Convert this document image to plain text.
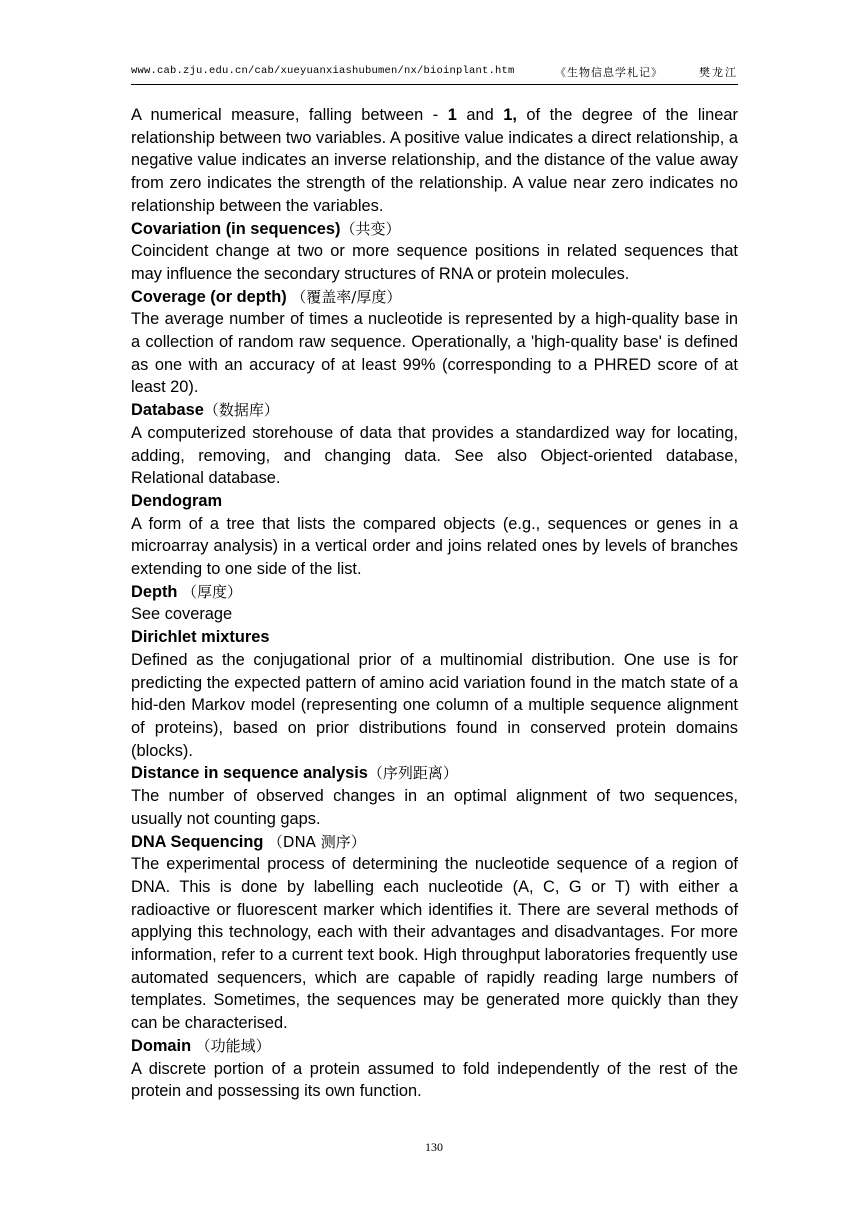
www.cab.zju.edu.cn/cab/xueyuanxiashubumen/nx/bioinplant.htm	《生物信息学札记》	樊龙江

A numerical measure, falling between - 1 and 1, of the degree of the linear relationship between two variables. A positive value indicates a direct relationship, a negative value indicates an inverse relationship, and the distance of the value away from zero indicates the strength of the relationship. A value near zero indicates no relationship between the variables.

Covariation (in sequences)（共变）

Coincident change at two or more sequence positions in related sequences that may influence the secondary structures of RNA or protein molecules.

Coverage (or depth) （覆盖率/厚度）

The average number of times a nucleotide is represented by a high-quality base in a collection of random raw sequence. Operationally, a 'high-quality base' is defined as one with an accuracy of at least 99% (corresponding to a PHRED score of at least 20).

Database（数据库）

A computerized storehouse of data that provides a standardized way for locating, adding, removing, and changing data. See also Object-oriented database, Relational database.

Dendogram

A form of a tree that lists the compared objects (e.g., sequences or genes in a microarray analysis) in a vertical order and joins related ones by levels of branches extending to one side of the list.

Depth （厚度）

See coverage

Dirichlet mixtures

Defined as the conjugational prior of a multinomial distribution. One use is for predicting the expected pattern of amino acid variation found in the match state of a hid-den Markov model (representing one column of a multiple sequence alignment of proteins), based on prior distributions found in conserved protein domains (blocks).

Distance in sequence analysis（序列距离）

The number of observed changes in an optimal alignment of two sequences, usually not counting gaps.

DNA Sequencing （DNA 测序）

The experimental process of determining the nucleotide sequence of a region of DNA. This is done by labelling each nucleotide (A, C, G or T) with either a radioactive or fluorescent marker which identifies it. There are several methods of applying this technology, each with their advantages and disadvantages. For more information, refer to a current text book. High throughput laboratories frequently use automated sequencers, which are capable of rapidly reading large numbers of templates. Sometimes, the sequences may be generated more quickly than they can be characterised.

Domain （功能域）

A discrete portion of a protein assumed to fold independently of the rest of the protein and possessing its own function.

130
